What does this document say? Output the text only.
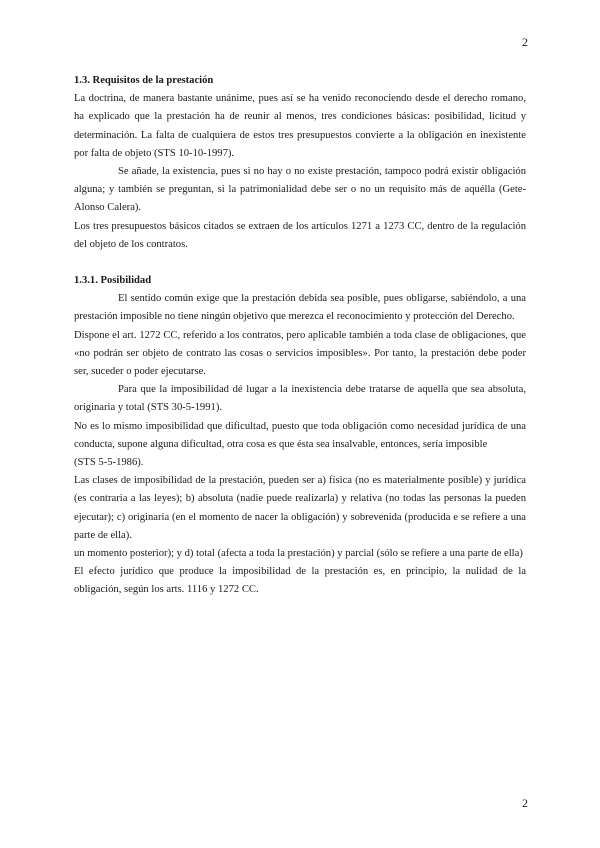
2

1.3. Requisitos de la prestación

La doctrina, de manera bastante unánime, pues así se ha venido reconociendo desde el derecho romano, ha explicado que la prestación ha de reunir al menos, tres condiciones básicas: posibilidad, licitud y determinación. La falta de cualquiera de estos tres presupuestos convierte a la obligación en inexistente por falta de objeto (STS 10-10-1997).

Se añade, la existencia, pues si no hay o no existe prestación, tampoco podrá existir obligación alguna; y también se preguntan, si la patrimonialidad debe ser o no un requisito más de aquélla (Gete-Alonso Calera).

Los tres presupuestos básicos citados se extraen de los artículos 1271 a 1273 CC, dentro de la regulación del objeto de los contratos.

1.3.1. Posibilidad

El sentido común exige que la prestación debida sea posible, pues obligarse, sabiéndolo, a una prestación imposible no tiene ningún objetivo que merezca el reconocimiento y protección del Derecho.

Dispone el art. 1272 CC, referido a los contratos, pero aplicable también a toda clase de obligaciones, que «no podrán ser objeto de contrato las cosas o servicios imposibles». Por tanto, la prestación debe poder ser, suceder o poder ejecutarse.

Para que la imposibilidad dé lugar a la inexistencia debe tratarse de aquella que sea absoluta, originaria y total (STS 30-5-1991).

No es lo mismo imposibilidad que dificultad, puesto que toda obligación como necesidad jurídica de una conducta, supone alguna dificultad, otra cosa es que ésta sea insalvable, entonces, sería imposible

(STS 5-5-1986).

Las clases de imposibilidad de la prestación, pueden ser a) física (no es materialmente posible) y jurídica (es contraria a las leyes); b) absoluta (nadie puede realizarla) y relativa (no todas las personas la pueden ejecutar); c) originaria (en el momento de nacer la obligación) y sobrevenida (producida e se refiere a una parte de ella).

un momento posterior); y d) total (afecta a toda la prestación) y parcial (sólo se refiere a una parte de ella)

El efecto jurídico que produce la imposibilidad de la prestación es, en principio, la nulidad de la obligación, según los arts. 1116 y 1272 CC.

2
